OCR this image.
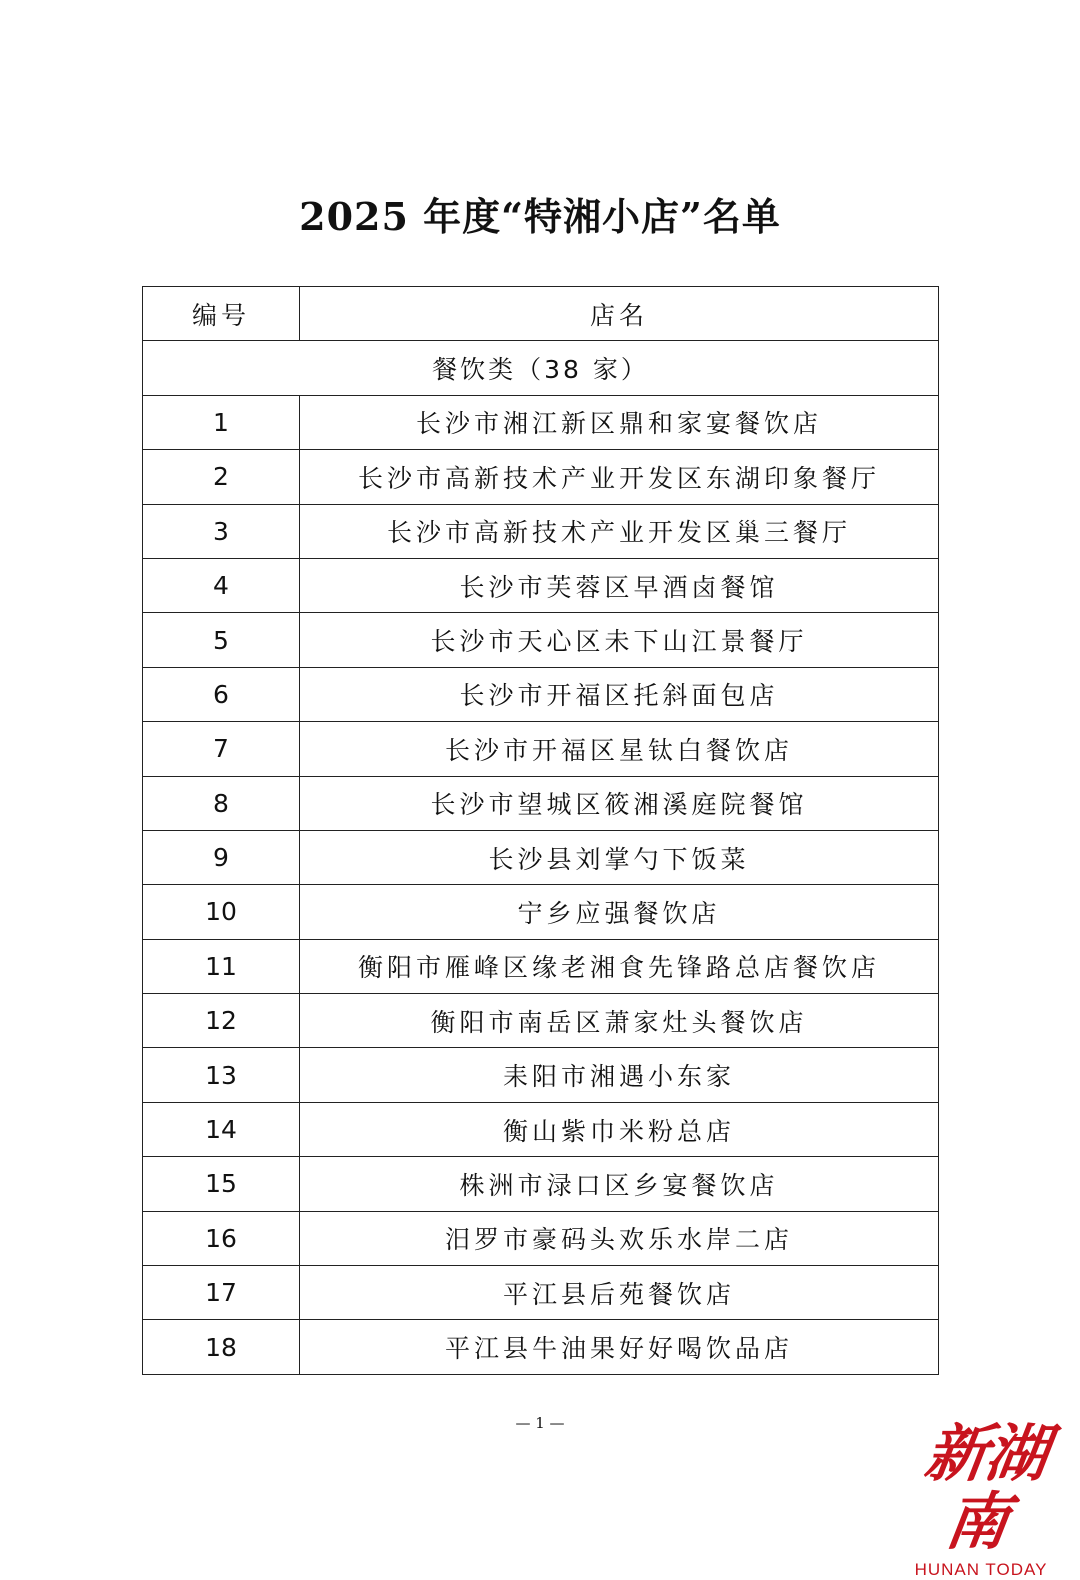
2025 年度“特湘小店”名单
编号	店名
餐饮类（38 家）	
1	长沙市湘江新区鼎和家宴餐饮店
2	长沙市高新技术产业开发区东湖印象餐厅
3	长沙市高新技术产业开发区巢三餐厅
4	长沙市芙蓉区早酒卤餐馆
5	长沙市天心区未下山江景餐厅
6	长沙市开福区托斜面包店
7	长沙市开福区星钛白餐饮店
8	长沙市望城区筱湘溪庭院餐馆
9	长沙县刘掌勺下饭菜
10	宁乡应强餐饮店
11	衡阳市雁峰区缘老湘食先锋路总店餐饮店
12	衡阳市南岳区萧家灶头餐饮店
13	耒阳市湘遇小东家
14	衡山紫巾米粉总店
15	株洲市渌口区乡宴餐饮店
16	汨罗市豪码头欢乐水岸二店
17	平江县后苑餐饮店
18	平江县牛油果好好喝饮品店
— 1 —	新湖南
HUNAN TODAY
